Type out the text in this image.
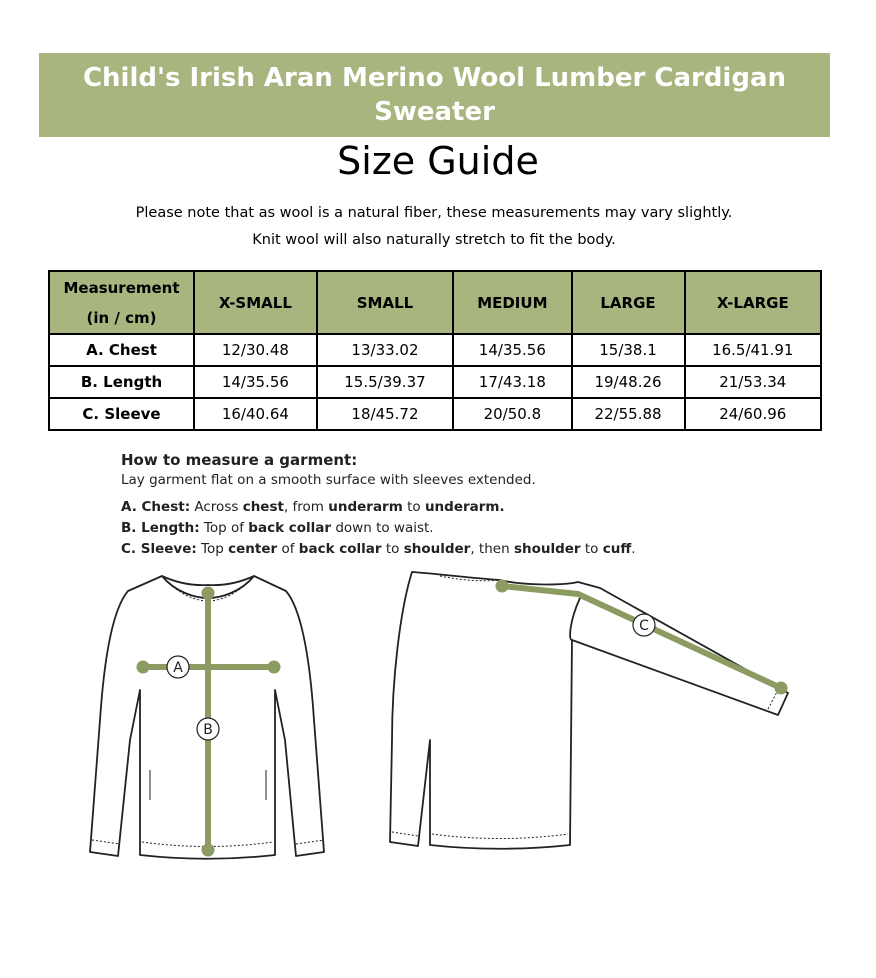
Child's Irish Aran Merino Wool Lumber Cardigan Sweater
Size Guide
Please note that as wool is a natural fiber, these measurements may vary slightly.
Knit wool will also naturally stretch to fit the body.
Measurement
(in / cm)	X-SMALL	SMALL	MEDIUM	LARGE	X-LARGE
A. Chest	12/30.48	13/33.02	14/35.56	15/38.1	16.5/41.91
B. Length	14/35.56	15.5/39.37	17/43.18	19/48.26	21/53.34
C. Sleeve	16/40.64	18/45.72	20/50.8	22/55.88	24/60.96
How to measure a garment:

Lay garment flat on a smooth surface with sleeves extended.

A. Chest: Across chest, from underarm to underarm.
B. Length: Top of back collar down to waist.
C. Sleeve: Top center of back collar to shoulder, then shoulder to cuff.
A
B
C
